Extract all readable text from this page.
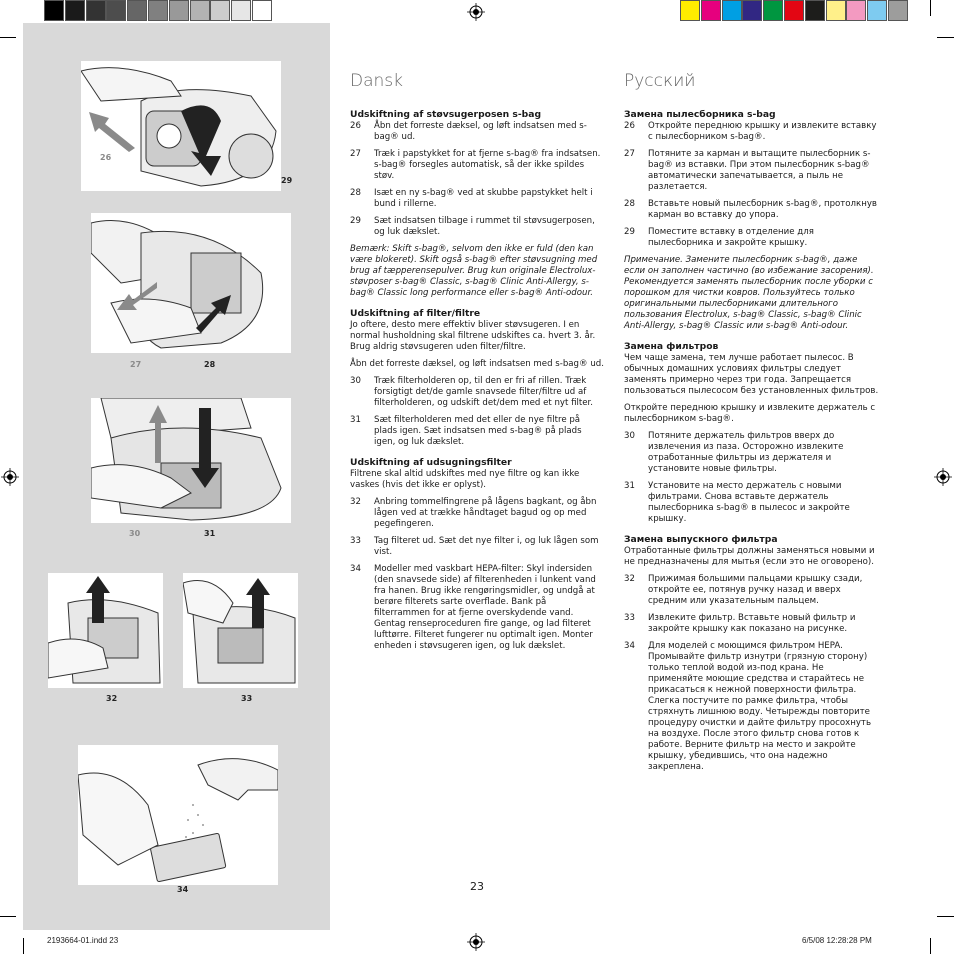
26
29
27	28
30	31
32	33
34
Dansk
Udskiftning af støvsugerposen s-bag
26	Åbn det forreste dæksel, og løft indsatsen med s-bag® ud.
27	Træk i papstykket for at fjerne s-bag® fra indsatsen. s-bag® forsegles automatisk, så der ikke spildes støv.
28	Isæt en ny s-bag® ved at skubbe papstykket helt i bund i rillerne.
29	Sæt indsatsen tilbage i rummet til støvsugerposen, og luk dækslet.
Bemærk: Skift s-bag®, selvom den ikke er fuld (den kan være blokeret). Skift også s-bag® efter støvsugning med brug af tæpperensepulver. Brug kun originale Electrolux-støvposer s-bag® Classic, s-bag® Clinic Anti-Allergy, s-bag® Classic long performance eller s-bag® Anti-odour.
Udskiftning af filter/filtre
Jo oftere, desto mere effektiv bliver støvsugeren. I en normal husholdning skal filtrene udskiftes ca. hvert 3. år. Brug aldrig støvsugeren uden filter/filtre.
Åbn det forreste dæksel, og løft indsatsen med s-bag® ud.
30	Træk filterholderen op, til den er fri af rillen. Træk forsigtigt det/de gamle snavsede filter/filtre ud af filterholderen, og udskift det/dem med et nyt filter.
31	Sæt filterholderen med det eller de nye filtre på plads igen. Sæt indsatsen med s-bag® på plads igen, og luk dækslet.
Udskiftning af udsugningsfilter
Filtrene skal altid udskiftes med nye filtre og kan ikke vaskes (hvis det ikke er oplyst).
32	Anbring tommelfingrene på lågens bagkant, og åbn lågen ved at trække håndtaget bagud og op med pegefingeren.
33	Tag filteret ud. Sæt det nye filter i, og luk lågen som vist.
34	Modeller med vaskbart HEPA-filter: Skyl indersiden (den snavsede side) af filterenheden i lunkent vand fra hanen. Brug ikke rengøringsmidler, og undgå at berøre filterets sarte overflade. Bank på filterrammen for at fjerne overskydende vand. Gentag renseproceduren fire gange, og lad filteret lufttørre. Filteret fungerer nu optimalt igen. Monter enheden i støvsugeren igen, og luk dækslet.
Русский
Замена пылесборника s-bag
26	Откройте переднюю крышку и извлеките вставку с пылесборником s-bag®.
27	Потяните за карман и вытащите пылесборник s-bag® из вставки. При этом пылесборник s-bag® автоматически запечатывается, а пыль не разлетается.
28	Вставьте новый пылесборник s-bag®, протолкнув карман во вставку до упора.
29	Поместите вставку в отделение для пылесборника и закройте крышку.
Примечание. Замените пылесборник s-bag®, даже если он заполнен частично (во избежание засорения). Рекомендуется заменять пылесборник после уборки с порошком для чистки ковров. Пользуйтесь только оригинальными пылесборниками длительного пользования Electrolux, s-bag® Classic, s-bag® Clinic Anti-Allergy, s-bag® Classic или s-bag® Anti-odour.
Замена фильтров
Чем чаще замена, тем лучше работает пылесос. В обычных домашних условиях фильтры следует заменять примерно через три года. Запрещается пользоваться пылесосом без установленных фильтров.
Откройте переднюю крышку и извлеките держатель с пылесборником s-bag®.
30	Потяните держатель фильтров вверх до извлечения из паза. Осторожно извлеките отработанные фильтры из держателя и установите новые фильтры.
31	Установите на место держатель с новыми фильтрами. Снова вставьте держатель пылесборника s-bag® в пылесос и закройте крышку.
Замена выпускного фильтра
Отработанные фильтры должны заменяться новыми и не предназначены для мытья (если это не оговорено).
32	Прижимая большими пальцами крышку сзади, откройте ее, потянув ручку назад и вверх средним или указательным пальцем.
33	Извлеките фильтр. Вставьте новый фильтр и закройте крышку как показано на рисунке.
34	Для моделей с моющимся фильтром HEPA. Промывайте фильтр изнутри (грязную сторону) только теплой водой из-под крана. Не применяйте моющие средства и старайтесь не прикасаться к нежной поверхности фильтра. Слегка постучите по рамке фильтра, чтобы стряхнуть лишнюю воду. Четырежды повторите процедуру очистки и дайте фильтру просохнуть на воздухе. После этого фильтр снова готов к работе. Верните фильтр на место и закройте крышку, убедившись, что она надежно закреплена.
23
2193664-01.indd 23	6/5/08 12:28:28 PM
